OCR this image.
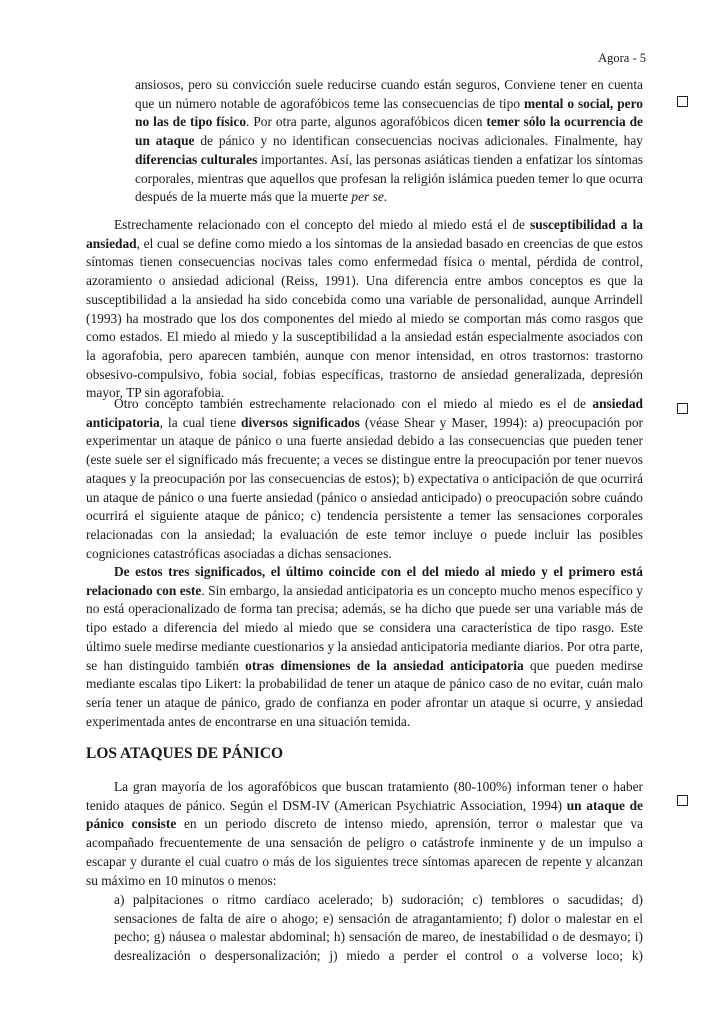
Agora - 5

ansiosos, pero su convicción suele reducirse cuando están seguros, Conviene tener en cuenta que un número notable de agorafóbicos teme las consecuencias de tipo mental o social, pero no las de tipo físico. Por otra parte, algunos agorafóbicos dicen temer sólo la ocurrencia de un ataque de pánico y no identifican consecuencias nocivas adicionales. Finalmente, hay diferencias culturales importantes. Así, las personas asiáticas tienden a enfatizar los síntomas corporales, mientras que aquellos que profesan la religión islámica pueden temer lo que ocurra después de la muerte más que la muerte per se.

Estrechamente relacionado con el concepto del miedo al miedo está el de susceptibilidad a la ansiedad, el cual se define como miedo a los síntomas de la ansiedad basado en creencias de que estos síntomas tienen consecuencias nocivas tales como enfermedad física o mental, pérdida de control, azoramiento o ansiedad adicional (Reiss, 1991). Una diferencia entre ambos conceptos es que la susceptibilidad a la ansiedad ha sido concebida como una variable de personalidad, aunque Arrindell (1993) ha mostrado que los dos componentes del miedo al miedo se comportan más como rasgos que como estados. El miedo al miedo y la susceptibilidad a la ansiedad están especialmente asociados con la agorafobia, pero aparecen también, aunque con menor intensidad, en otros trastornos: trastorno obsesivo-compulsivo, fobia social, fobias específicas, trastorno de ansiedad generalizada, depresión mayor, TP sin agorafobia.

Otro concepto también estrechamente relacionado con el miedo al miedo es el de ansiedad anticipatoria, la cual tiene diversos significados (véase Shear y Maser, 1994): a) preocupación por experimentar un ataque de pánico o una fuerte ansiedad debido a las consecuencias que pueden tener (este suele ser el significado más frecuente; a veces se distingue entre la preocupación por tener nuevos ataques y la preocupación por las consecuencias de estos); b) expectativa o anticipación de que ocurrirá un ataque de pánico o una fuerte ansiedad (pánico o ansiedad anticipado) o preocupación sobre cuándo ocurrirá el siguiente ataque de pánico; c) tendencia persistente a temer las sensaciones corporales relacionadas con la ansiedad; la evaluación de este temor incluye o puede incluir las posibles cogniciones catastróficas asociadas a dichas sensaciones.

De estos tres significados, el último coincide con el del miedo al miedo y el primero está relacionado con este. Sin embargo, la ansiedad anticipatoria es un concepto mucho menos específico y no está operacionalizado de forma tan precisa; además, se ha dicho que puede ser una variable más de tipo estado a diferencia del miedo al miedo que se considera una característica de tipo rasgo. Este último suele medirse mediante cuestionarios y la ansiedad anticipatoria mediante diarios. Por otra parte, se han distinguido también otras dimensiones de la ansiedad anticipatoria que pueden medirse mediante escalas tipo Likert: la probabilidad de tener un ataque de pánico caso de no evitar, cuán malo sería tener un ataque de pánico, grado de confianza en poder afrontar un ataque si ocurre, y ansiedad experimentada antes de encontrarse en una situación temida.

LOS ATAQUES DE PÁNICO

La gran mayoría de los agorafóbicos que buscan tratamiento (80-100%) informan tener o haber tenido ataques de pánico. Según el DSM-IV (American Psychiatric Association, 1994) un ataque de pánico consiste en un periodo discreto de intenso miedo, aprensión, terror o malestar que va acompañado frecuentemente de una sensación de peligro o catástrofe inminente y de un impulso a escapar y durante el cual cuatro o más de los siguientes trece síntomas aparecen de repente y alcanzan su máximo en 10 minutos o menos:

a) palpitaciones o ritmo cardíaco acelerado; b) sudoración; c) temblores o sacudidas; d) sensaciones de falta de aire o ahogo; e) sensación de atragantamiento; f) dolor o malestar en el pecho; g) náusea o malestar abdominal; h) sensación de mareo, de inestabilidad o de desmayo; i) desrealización o despersonalización; j) miedo a perder el control o a volverse loco; k)
